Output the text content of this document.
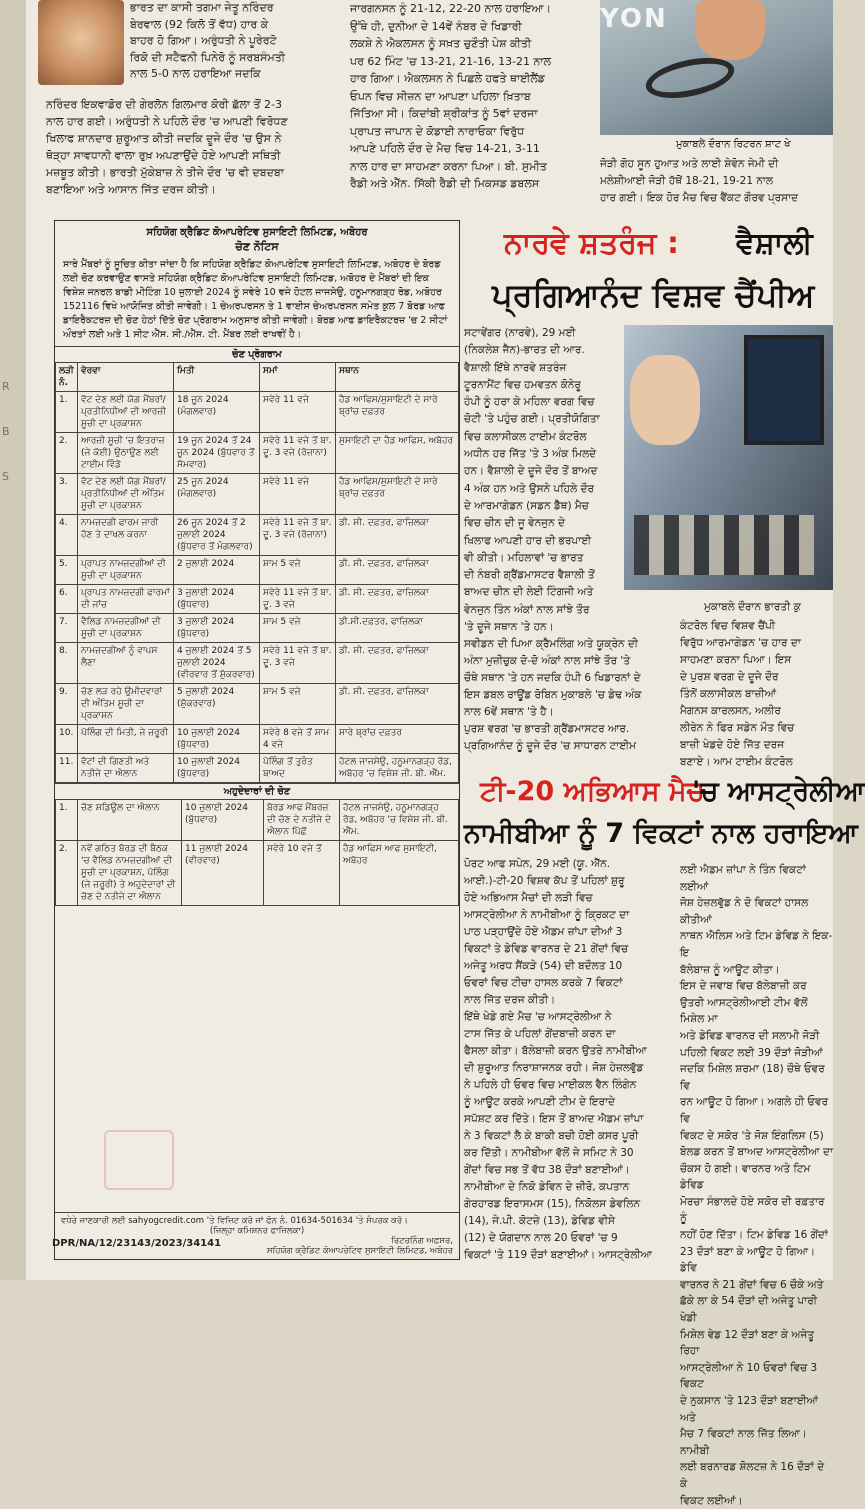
R
B
S
ਭਾਰਤ ਦਾ ਕਾਸੀ ਤਗਮਾ ਜੇਤੂ ਨਰਿੰਦਰ
ਬੇਰਵਾਲ (92 ਕਿਲੋ ਤੋਂ ਵੱਧ) ਹਾਰ ਕੇ
ਬਾਹਰ ਹੋ ਗਿਆ। ਅਰੁੰਧਤੀ ਨੇ ਪੂਰੇਰਟੋ
ਰਿਕੋ ਦੀ ਸਟੈਫਨੀ ਪਿਨੇਰੋ ਨੂੰ ਸਰਬਸੰਮਤੀ
ਨਾਲ 5-0 ਨਾਲ ਹਰਾਇਆ ਜਦਕਿ
ਨਰਿੰਦਰ ਇਕਵਾਡੋਰ ਦੀ ਗੇਰਲੋਨ ਗਿਲਮਾਰ ਕੋਰੀ ਛੱਲਾ ਤੋਂ 2-3
ਨਾਲ ਹਾਰ ਗਈ। ਅਰੁੰਧਤੀ ਨੇ ਪਹਿਲੇ ਦੌਰ 'ਚ ਆਪਣੀ ਵਿਰੋਧਣ
ਖਿਲਾਫ ਸ਼ਾਨਦਾਰ ਸ਼ੁਰੂਆਤ ਕੀਤੀ ਜਦਕਿ ਦੂਜੇ ਦੌਰ 'ਚ ਉਸ ਨੇ
ਥੋੜ੍ਹਾ ਸਾਵਧਾਨੀ ਵਾਲਾ ਰੁਖ਼ ਅਪਣਾਉਂਦੇ ਹੋਏ ਆਪਣੀ ਸਥਿਤੀ
ਮਜ਼ਬੂਤ ਕੀਤੀ। ਭਾਰਤੀ ਮੁੱਕੇਬਾਜ਼ ਨੇ ਤੀਜੇ ਦੌਰ 'ਚ ਵੀ ਦਬਦਬਾ
ਬਣਾਇਆ ਅਤੇ ਆਸਾਨ ਜਿੱਤ ਦਰਜ ਕੀਤੀ।
ਜਾਰਗਨਸਨ ਨੂੰ 21-12, 22-20 ਨਾਲ ਹਰਾਇਆ।
ਉੱਥੇ ਹੀ, ਦੁਨੀਆ ਦੇ 14ਵੇਂ ਨੰਬਰ ਦੇ ਖਿਡਾਰੀ
ਲਕਸ਼ੇ ਨੇ ਐਕਲਸਨ ਨੂੰ ਸਖ਼ਤ ਚੁਣੌਤੀ ਪੇਸ਼ ਕੀਤੀ
ਪਰ 62 ਮਿੰਟ 'ਚ 13-21, 21-16, 13-21 ਨਾਲ
ਹਾਰ ਗਿਆ। ਐਕਲਸਨ ਨੇ ਪਿਛਲੇ ਹਫਤੇ ਥਾਈਲੈਂਡ
ਓਪਨ ਵਿਚ ਸੀਜ਼ਨ ਦਾ ਆਪਣਾ ਪਹਿਲਾ ਖ਼ਿਤਾਬ
ਜਿੱਤਿਆ ਸੀ। ਕਿਦਾਂਬੀ ਸ਼੍ਰੀਕਾਂਤ ਨੂੰ 5ਵਾਂ ਦਰਜਾ
ਪ੍ਰਾਪਤ ਜਾਪਾਨ ਦੇ ਕੋਡਾਈ ਨਾਰਾਓਕਾ ਵਿਰੁੱਧ
ਆਪਣੇ ਪਹਿਲੇ ਦੌਰ ਦੇ ਮੈਚ ਵਿਚ 14-21, 3-11
ਨਾਲ ਹਾਰ ਦਾ ਸਾਹਮਣਾ ਕਰਨਾ ਪਿਆ। ਬੀ. ਸੁਮੀਤ
ਰੈਡੀ ਅਤੇ ਐੱਨ. ਸਿੱਕੀ ਰੈਡੀ ਦੀ ਮਿਕਸਡ ਡਬਲਸ
YON
ਮੁਕਾਬਲੇ ਦੌਰਾਨ ਰਿਟਰਨ ਸ਼ਾਟ ਖੇ
ਜੋੜੀ ਗੋਹ ਸੂਨ ਹੁਆਤ ਅਤੇ ਲਾਈ ਸ਼ੇਵੋਨ ਜੇਮੀ ਦੀ
ਮਲੇਸ਼ੀਆਈ ਜੋੜੀ ਹੱਥੋਂ 18-21, 19-21 ਨਾਲ
ਹਾਰ ਗਈ। ਇਕ ਹੋਰ ਮੈਚ ਵਿਚ ਵੈਂਕਟ ਗੌਰਵ ਪ੍ਰਸਾਦ
ਸਹਿਯੋਗ ਕ੍ਰੈਡਿਟ ਕੋਆਪਰੇਟਿਵ ਸੁਸਾਇਟੀ ਲਿਮਿਟਡ, ਅਬੋਹਰ
ਚੋਣ ਨੋਟਿਸ
ਸਾਰੇ ਮੈਂਬਰਾਂ ਨੂੰ ਸੂਚਿਤ ਕੀਤਾ ਜਾਂਦਾ ਹੈ ਕਿ ਸਹਿਯੋਗ ਕ੍ਰੈਡਿਟ ਕੋਆਪਰੇਟਿਵ ਸੁਸਾਇਟੀ ਲਿਮਿਟਡ, ਅਬੋਹਰ ਦੇ ਬੋਰਡ ਲਈ ਚੋਣ ਕਰਵਾਉਣ ਵਾਸਤੇ ਸਹਿਯੋਗ ਕ੍ਰੈਡਿਟ ਕੋਆਪਰੇਟਿਵ ਸੁਸਾਇਟੀ ਲਿਮਿਟਡ, ਅਬੋਹਰ ਦੇ ਮੈਂਬਰਾਂ ਦੀ ਇਕ ਵਿਸ਼ੇਸ਼ ਜਨਰਲ ਬਾਡੀ ਮੀਟਿੰਗ 10 ਜੁਲਾਈ 2024 ਨੂੰ ਸਵੇਰੇ 10 ਵਜੇ ਹੋਟਲ ਜਾਜਸੇਉ, ਹਨੂਮਾਨਗੜ੍ਹ ਰੋਡ, ਅਬੋਹਰ 152116 ਵਿਖੇ ਆਯੋਜਿਤ ਕੀਤੀ ਜਾਵੇਗੀ। 1 ਚੇਅਰਪਰਸਨ ਤੇ 1 ਵਾਈਸ ਚੇਅਰਪਰਸਨ ਸਮੇਤ ਕੁਲ 7 ਬੋਰਡ ਆਫ ਡਾਇਰੈਕਟਰਜ਼ ਦੀ ਚੋਣ ਹੇਠਾਂ ਦਿੱਤੇ ਚੋਣ ਪ੍ਰੋਗਰਾਮ ਅਨੁਸਾਰ ਕੀਤੀ ਜਾਵੇਗੀ। ਬੋਰਡ ਆਫ ਡਾਇਰੈਕਟਰਜ਼ 'ਚ 2 ਸੀਟਾਂ ਔਰਤਾਂ ਲਈ ਅਤੇ 1 ਸੀਟ ਐੱਸ. ਸੀ./ਐੱਸ. ਟੀ. ਮੈਂਬਰ ਲਈ ਰਾਖਵੀਂ ਹੈ।
ਚੋਣ ਪ੍ਰੋਗਰਾਮ
ਲੜੀ ਨੰ.	ਵੇਰਵਾ	ਮਿਤੀ	ਸਮਾਂ	ਸਥਾਨ
1.	ਵੋਟ ਦੇਣ ਲਈ ਯੋਗ ਮੈਂਬਰਾਂ/ ਪ੍ਰਤੀਨਿਧੀਆਂ ਦੀ ਆਰਜ਼ੀ ਸੂਚੀ ਦਾ ਪ੍ਰਕਾਸ਼ਨ	18 ਜੂਨ 2024 (ਮੰਗਲਵਾਰ)	ਸਵੇਰੇ 11 ਵਜੇ	ਹੈਡ ਆਫਿਸ/ਸੁਸਾਇਟੀ ਦੇ ਸਾਰੇ ਬ੍ਰਾਂਚ ਦਫ਼ਤਰ
2.	ਆਰਜ਼ੀ ਸੂਚੀ 'ਚ ਇਤਰਾਜ਼ (ਜੇ ਕੋਈ) ਉਠਾਉਣ ਲਈ ਟਾਈਮ ਵਿੰਡੋ	19 ਜੂਨ 2024 ਤੋਂ 24 ਜੂਨ 2024 (ਬੁੱਧਵਾਰ ਤੋਂ ਸੋਮਵਾਰ)	ਸਵੇਰੇ 11 ਵਜੇ ਤੋਂ ਬਾ. ਦੂ. 3 ਵਜੇ (ਰੋਜ਼ਾਨਾ)	ਸੁਸਾਇਟੀ ਦਾ ਹੈਡ ਆਫਿਸ, ਅਬੋਹਰ
3.	ਵੋਟ ਦੇਣ ਲਈ ਯੋਗ ਮੈਂਬਰਾਂ/ ਪ੍ਰਤੀਨਿਧੀਆਂ ਦੀ ਅੰਤਿਮ ਸੂਚੀ ਦਾ ਪ੍ਰਕਾਸ਼ਨ	25 ਜੂਨ 2024 (ਮੰਗਲਵਾਰ)	ਸਵੇਰੇ 11 ਵਜੇ	ਹੈਡ ਆਫਿਸ/ਸੁਸਾਇਟੀ ਦੇ ਸਾਰੇ ਬ੍ਰਾਂਚ ਦਫ਼ਤਰ
4.	ਨਾਮਜ਼ਦਗੀ ਫਾਰਮ ਜਾਰੀ ਹੋਣ ਤੇ ਦਾਖਲ ਕਰਨਾ	26 ਜੂਨ 2024 ਤੋਂ 2 ਜੁਲਾਈ 2024 (ਬੁੱਧਵਾਰ ਤੋਂ ਮੰਗਲਵਾਰ)	ਸਵੇਰੇ 11 ਵਜੇ ਤੋਂ ਬਾ. ਦੂ. 3 ਵਜੇ (ਰੋਜ਼ਾਨਾ)	ਡੀ. ਸੀ. ਦਫ਼ਤਰ, ਫਾਜ਼ਿਲਕਾ
5.	ਪ੍ਰਾਪਤ ਨਾਮਜ਼ਦਗੀਆਂ ਦੀ ਸੂਚੀ ਦਾ ਪ੍ਰਕਾਸ਼ਨ	2 ਜੁਲਾਈ 2024	ਸ਼ਾਮ 5 ਵਜੇ	ਡੀ. ਸੀ. ਦਫ਼ਤਰ, ਫਾਜ਼ਿਲਕਾ
6.	ਪ੍ਰਾਪਤ ਨਾਮਜ਼ਦਗੀ ਫਾਰਮਾਂ ਦੀ ਜਾਂਚ	3 ਜੁਲਾਈ 2024 (ਬੁੱਧਵਾਰ)	ਸਵੇਰੇ 11 ਵਜੇ ਤੋਂ ਬਾ. ਦੂ. 3 ਵਜੇ	ਡੀ. ਸੀ. ਦਫ਼ਤਰ, ਫਾਜ਼ਿਲਕਾ
7.	ਵੈਲਿਡ ਨਾਮਜ਼ਦਗੀਆਂ ਦੀ ਸੂਚੀ ਦਾ ਪ੍ਰਕਾਸ਼ਨ	3 ਜੁਲਾਈ 2024 (ਬੁੱਧਵਾਰ)	ਸ਼ਾਮ 5 ਵਜੇ	ਡੀ.ਸੀ.ਦਫ਼ਤਰ, ਫਾਜ਼ਿਲਕਾ
8.	ਨਾਮਜ਼ਦਗੀਆਂ ਨੂੰ ਵਾਪਸ ਲੈਣਾ	4 ਜੁਲਾਈ 2024 ਤੋਂ 5 ਜੁਲਾਈ 2024 (ਵੀਰਵਾਰ ਤੋਂ ਸ਼ੁੱਕਰਵਾਰ)	ਸਵੇਰੇ 11 ਵਜੇ ਤੋਂ ਬਾ. ਦੂ. 3 ਵਜੇ	ਡੀ. ਸੀ. ਦਫ਼ਤਰ, ਫਾਜ਼ਿਲਕਾ
9.	ਚੋਣ ਲੜ ਰਹੇ ਉਮੀਦਵਾਰਾਂ ਦੀ ਅੰਤਿਮ ਸੂਚੀ ਦਾ ਪ੍ਰਕਾਸ਼ਨ	5 ਜੁਲਾਈ 2024 (ਸ਼ੁੱਕਰਵਾਰ)	ਸ਼ਾਮ 5 ਵਜੇ	ਡੀ. ਸੀ. ਦਫ਼ਤਰ, ਫਾਜ਼ਿਲਕਾ
10.	ਪੋਲਿੰਗ ਦੀ ਮਿਤੀ, ਜੇ ਜ਼ਰੂਰੀ	10 ਜੁਲਾਈ 2024 (ਬੁੱਧਵਾਰ)	ਸਵੇਰੇ 8 ਵਜੇ ਤੋਂ ਸ਼ਾਮ 4 ਵਜੇ	ਸਾਰੇ ਬ੍ਰਾਂਚ ਦਫ਼ਤਰ
11.	ਵੋਟਾਂ ਦੀ ਗਿਣਤੀ ਅਤੇ ਨਤੀਜੇ ਦਾ ਐਲਾਨ	10 ਜੁਲਾਈ 2024 (ਬੁੱਧਵਾਰ)	ਪੋਲਿੰਗ ਤੋਂ ਤੁਰੰਤ ਬਾਅਦ	ਹੋਟਲ ਜਾਜਸੇਉ, ਹਨੂਮਾਨਗੜ੍ਹ ਰੋਡ, ਅਬੋਹਰ 'ਚ ਵਿਸ਼ੇਸ਼ ਜੀ. ਬੀ. ਐੱਮ.
ਅਹੁਦੇਦਾਰਾਂ ਦੀ ਚੋਣ
1.	ਚੋਣ ਸ਼ਡਿਊਲ ਦਾ ਐਲਾਨ	10 ਜੁਲਾਈ 2024 (ਬੁੱਧਵਾਰ)	ਬੋਰਡ ਆਫ ਮੈਂਬਰਜ਼ ਦੀ ਚੋਣ ਦੇ ਨਤੀਜੇ ਦੇ ਐਲਾਨ ਪਿੱਛੋਂ	ਹੋਟਲ ਜਾਜਸੇਉ, ਹਨੂਮਾਨਗੜ੍ਹ ਰੋਡ, ਅਬੋਹਰ 'ਚ ਵਿਸ਼ੇਸ਼ ਜੀ. ਬੀ. ਐੱਮ.
2.	ਨਵੇਂ ਗਠਿਤ ਬੋਰਡ ਦੀ ਬੈਠਕ 'ਚ ਵੈਲਿਡ ਨਾਮਜ਼ਦਗੀਆਂ ਦੀ ਸੂਚੀ ਦਾ ਪ੍ਰਕਾਸ਼ਨ, ਪੋਲਿੰਗ (ਜੇ ਜ਼ਰੂਰੀ) ਤੇ ਅਹੁਦੇਦਾਰਾਂ ਦੀ ਚੋਣ ਦੇ ਨਤੀਜੇ ਦਾ ਐਲਾਨ	11 ਜੁਲਾਈ 2024 (ਵੀਰਵਾਰ)	ਸਵੇਰੇ 10 ਵਜੇ ਤੋਂ	ਹੈਡ ਆਫਿਸ ਆਫ ਸੁਸਾਇਟੀ, ਅਬੋਹਰ
ਵਧੇਰੇ ਜਾਣਕਾਰੀ ਲਈ sahyogcredit.com 'ਤੇ ਵਿਜ਼ਿਟ ਕਰੋ ਜਾਂ ਫੋਨ ਨੰ. 01634-501634 'ਤੇ ਸੰਪਰਕ ਕਰੋ।
(ਜ਼ਿਲ੍ਹਾ ਕਮਿਸ਼ਨਰ ਫਾਜ਼ਿਲਕਾ)
ਰਿਟਰਨਿੰਗ ਅਫ਼ਸਰ,
ਸਹਿਯੋਗ ਕ੍ਰੈਡਿਟ ਕੋਆਪਰੇਟਿਵ ਸੁਸਾਇਟੀ ਲਿਮਿਟਡ, ਅਬੋਹਰ
DPR/NA/12/23143/2023/34141
ਨਾਰਵੇ ਸ਼ਤਰੰਜ : ਵੈਸ਼ਾਲੀ
ਪ੍ਰਗਿਆਨੰਦ ਵਿਸ਼ਵ ਚੈਂਪੀਅ
ਸਟਾਵੇਂਗਰ (ਨਾਰਵੇ), 29 ਮਈ
(ਨਿਕਲੇਸ਼ ਜੈਨ)-ਭਾਰਤ ਦੀ ਆਰ.
ਵੈਸ਼ਾਲੀ ਇੱਥੇ ਨਾਰਵੇ ਸ਼ਤਰੰਜ
ਟੂਰਨਾਮੈਂਟ ਵਿਚ ਹਮਵਤਨ ਕੋਨੇਰੂ
ਹੰਪੀ ਨੂੰ ਹਰਾ ਕੇ ਮਹਿਲਾ ਵਰਗ ਵਿਚ
ਚੋਟੀ 'ਤੇ ਪਹੁੰਚ ਗਈ। ਪ੍ਰਤੀਯੋਗਿਤਾ
ਵਿਚ ਕਲਾਸੀਕਲ ਟਾਈਮ ਕੰਟਰੋਲ
ਅਧੀਨ ਹਰ ਜਿੱਤ 'ਤੇ 3 ਅੰਕ ਮਿਲਦੇ
ਹਨ। ਵੈਸ਼ਾਲੀ ਦੇ ਦੂਜੇ ਦੌਰ ਤੋਂ ਬਾਅਦ
4 ਅੰਕ ਹਨ ਅਤੇ ਉਸਨੇ ਪਹਿਲੇ ਦੌਰ
ਦੇ ਆਰਮਾਗੇਡਨ (ਸਡਨ ਡੈੱਥ) ਮੈਚ
ਵਿਚ ਚੀਨ ਦੀ ਜੂ ਵੇਨਜੁਨ ਦੇ
ਖਿਲਾਫ ਆਪਣੀ ਹਾਰ ਦੀ ਭਰਪਾਈ
ਵੀ ਕੀਤੀ। ਮਹਿਲਾਵਾਂ 'ਚ ਭਾਰਤ
ਦੀ ਨੰਬਰੀ ਗ੍ਰੈਂਡਮਾਸਟਰ ਵੈਸ਼ਾਲੀ ਤੋਂ
ਬਾਅਦ ਚੀਨ ਦੀ ਲੇਈ ਟਿੰਗਜੀ ਅਤੇ
ਵੇਨਜੁਨ ਤਿੰਨ ਅੰਕਾਂ ਨਾਲ ਸਾਂਝੇ ਤੌਰ
'ਤੇ ਦੂਜੇ ਸਥਾਨ 'ਤੇ ਹਨ।
ਸਵੀਡਨ ਦੀ ਪਿਆ ਕ੍ਰੈਮਲਿੰਗ ਅਤੇ ਯੂਕ੍ਰੇਨ ਦੀ
ਅੰਨਾ ਮੁਜ਼ੀਚੁਕ ਦੋ-ਦੋ ਅੰਕਾਂ ਨਾਲ ਸਾਂਝੇ ਤੌਰ 'ਤੇ
ਚੌਥੇ ਸਥਾਨ 'ਤੇ ਹਨ ਜਦਕਿ ਹੰਪੀ 6 ਖਿਡਾਰਨਾਂ ਦੇ
ਇਸ ਡਬਲ ਰਾਊਂਡ ਰੋਬਿਨ ਮੁਕਾਬਲੇ 'ਚ ਡੇਢ ਅੰਕ
ਨਾਲ 6ਵੇਂ ਸਥਾਨ 'ਤੇ ਹੈ।
ਪੁਰਸ਼ ਵਰਗ 'ਚ ਭਾਰਤੀ ਗ੍ਰੈਂਡਮਾਸਟਰ ਆਰ.
ਪ੍ਰਗਿਆਨੰਦ ਨੂੰ ਦੂਜੇ ਦੌਰ 'ਚ ਸਾਧਾਰਨ ਟਾਈਮ
ਮੁਕਾਬਲੇ ਦੌਰਾਨ ਭਾਰਤੀ ਕੁ
ਕੰਟਰੋਲ ਵਿਚ ਵਿਸ਼ਵ ਚੈਂਪੀ
ਵਿਰੁੱਧ ਆਰਮਾਗੇਡਨ 'ਚ ਹਾਰ ਦਾ
ਸਾਹਮਣਾ ਕਰਨਾ ਪਿਆ। ਇਸ
ਦੇ ਪੁਰਸ਼ ਵਰਗ ਦੇ ਦੂਜੇ ਦੌਰ
ਤਿੰਨੋਂ ਕਲਾਸੀਕਲ ਬਾਜ਼ੀਆਂ
ਮੈਗਨਸ ਕਾਰਲਸਨ, ਅਲੀਰ
ਲੀਰੇਨ ਨੇ ਫਿਰ ਸਡੇਨ ਮੌਤ ਵਿਚ
ਬਾਜ਼ੀ ਖੇਡਦੇ ਹੋਏ ਜਿੱਤ ਦਰਜ
ਬਣਾਏ। ਆਮ ਟਾਈਮ ਕੰਟਰੋਲ
ਟੀ-20 ਅਭਿਆਸ ਮੈਚ
'ਚ ਆਸਟ੍ਰੇਲੀਆ
ਨਾਮੀਬੀਆ ਨੂੰ 7 ਵਿਕਟਾਂ ਨਾਲ ਹਰਾਇਆ
ਪੋਰਟ ਆਫ ਸਪੇਨ, 29 ਮਈ (ਯੂ. ਐੱਨ.
ਆਈ.)-ਟੀ-20 ਵਿਸ਼ਵ ਕੱਪ ਤੋਂ ਪਹਿਲਾਂ ਸ਼ੁਰੂ
ਹੋਏ ਅਭਿਆਸ ਮੈਚਾਂ ਦੀ ਲੜੀ ਵਿਚ
ਆਸਟ੍ਰੇਲੀਆ ਨੇ ਨਾਮੀਬੀਆ ਨੂੰ ਕ੍ਰਿਕਟ ਦਾ
ਪਾਠ ਪੜ੍ਹਾਉਂਦੇ ਹੋਏ ਐਡਮ ਜ਼ਾਂਪਾ ਦੀਆਂ 3
ਵਿਕਟਾਂ ਤੇ ਡੇਵਿਡ ਵਾਰਨਰ ਦੇ 21 ਗੇਂਦਾਂ ਵਿਚ
ਅਜੇਤੂ ਅਰਧ ਸੈਂਕੜੇ (54) ਦੀ ਬਦੌਲਤ 10
ਓਵਰਾਂ ਵਿਚ ਟੀਚਾ ਹਾਸਲ ਕਰਕੇ 7 ਵਿਕਟਾਂ
ਨਾਲ ਜਿੱਤ ਦਰਜ ਕੀਤੀ।
ਇੱਥੇ ਖੇਡੇ ਗਏ ਮੈਚ 'ਚ ਆਸਟ੍ਰੇਲੀਆ ਨੇ
ਟਾਸ ਜਿੱਤ ਕੇ ਪਹਿਲਾਂ ਗੇਂਦਬਾਜ਼ੀ ਕਰਨ ਦਾ
ਫੈਸਲਾ ਕੀਤਾ। ਬੱਲੇਬਾਜ਼ੀ ਕਰਨ ਉਤਰੇ ਨਾਮੀਬੀਆ
ਦੀ ਸ਼ੁਰੂਆਤ ਨਿਰਾਸ਼ਾਜਨਕ ਰਹੀ। ਜੋਸ਼ ਹੇਜ਼ਲਵੁੱਡ
ਨੇ ਪਹਿਲੇ ਹੀ ਓਵਰ ਵਿਚ ਮਾਈਕਲ ਵੈਨ ਲਿੰਗੇਨ
ਨੂੰ ਆਊਟ ਕਰਕੇ ਆਪਣੀ ਟੀਮ ਦੇ ਇਰਾਦੇ
ਸਪੱਸ਼ਟ ਕਰ ਦਿੱਤੇ। ਇਸ ਤੋਂ ਬਾਅਦ ਐਡਮ ਜ਼ਾਂਪਾ
ਨੇ 3 ਵਿਕਟਾਂ ਲੈ ਕੇ ਬਾਕੀ ਬਚੀ ਹੋਈ ਕਸਰ ਪੂਰੀ
ਕਰ ਦਿੱਤੀ। ਨਾਮੀਬੀਆ ਵੱਲੋਂ ਜੇ ਸਮਿਟ ਨੇ 30
ਗੇਂਦਾਂ ਵਿਚ ਸਭ ਤੋਂ ਵੱਧ 38 ਦੌੜਾਂ ਬਣਾਈਆਂ।
ਨਾਮੀਬੀਆ ਦੇ ਨਿਕੋ ਡੇਵਿਨ ਦੇ ਜ਼ੀਰੋ, ਕਪਤਾਨ
ਗੇਰਹਾਰਡ ਇਰਾਸਮਸ (15), ਨਿਕੋਲਸ ਡੇਵਲਿਨ
(14), ਜੇ.ਪੀ. ਕੋਟਜ਼ੇ (13), ਡੇਵਿਡ ਵੀਸੇ
(12) ਦੇ ਯੋਗਦਾਨ ਨਾਲ 20 ਓਵਰਾਂ 'ਚ 9
ਵਿਕਟਾਂ 'ਤੇ 119 ਦੌੜਾਂ ਬਣਾਈਆਂ। ਆਸਟ੍ਰੇਲੀਆ
ਲਈ ਐਡਮ ਜ਼ਾਂਪਾ ਨੇ ਤਿੰਨ ਵਿਕਟਾਂ ਲਈਆਂ
ਜੋਸ਼ ਹੇਜ਼ਲਵੁੱਡ ਨੇ ਦੋ ਵਿਕਟਾਂ ਹਾਸਲ ਕੀਤੀਆਂ
ਨਾਥਨ ਐਲਿਸ ਅਤੇ ਟਿਮ ਡੇਵਿਡ ਨੇ ਇਕ-ਇ
ਬੱਲੇਬਾਜ਼ ਨੂੰ ਆਊਟ ਕੀਤਾ।
ਇਸ ਦੇ ਜਵਾਬ ਵਿਚ ਬੱਲੇਬਾਜ਼ੀ ਕਰ
ਉਤਰੀ ਆਸਟ੍ਰੇਲੀਆਈ ਟੀਮ ਵੱਲੋਂ ਮਿਸ਼ੇਲ ਮਾ
ਅਤੇ ਡੇਵਿਡ ਵਾਰਨਰ ਦੀ ਸਲਾਮੀ ਜੋੜੀ
ਪਹਿਲੀ ਵਿਕਟ ਲਈ 39 ਦੌੜਾਂ ਜੋੜੀਆਂ
ਜਦਕਿ ਮਿਸ਼ੇਲ ਸ਼ਰਮਾ (18) ਚੌਥੇ ਓਵਰ ਵਿ
ਰਨ ਆਊਟ ਹੋ ਗਿਆ। ਅਗਲੇ ਹੀ ਓਵਰ ਵਿ
ਵਿਕਟ ਦੇ ਸਕੋਰ 'ਤੇ ਜੋਸ਼ ਇੰਗਲਿਸ (5)
ਬੋਲਡ ਕਰਨ ਤੋਂ ਬਾਅਦ ਆਸਟ੍ਰੇਲੀਆ ਦਾ
ਚੌਕਸ ਹੋ ਗਈ। ਵਾਰਨਰ ਅਤੇ ਟਿਮ ਡੇਵਿਡ
ਮੋਰਚਾ ਸੰਭਾਲਦੇ ਹੋਏ ਸਕੋਰ ਦੀ ਰਫ਼ਤਾਰ ਨੂੰ
ਨਹੀਂ ਹੋਣ ਦਿੱਤਾ। ਟਿਮ ਡੇਵਿਡ 16 ਗੇਂਦਾਂ
23 ਦੌੜਾਂ ਬਣਾ ਕੇ ਆਊਟ ਹੋ ਗਿਆ। ਡੇਵਿ
ਵਾਰਨਰ ਨੇ 21 ਗੇਂਦਾਂ ਵਿਚ 6 ਚੌਕੇ ਅਤੇ
ਛੱਕੇ ਲਾ ਕੇ 54 ਦੌੜਾਂ ਦੀ ਅਜੇਤੂ ਪਾਰੀ ਖੇਡੀ
ਮਿਸ਼ੇਲ ਵੇਡ 12 ਦੌੜਾਂ ਬਣਾ ਕੇ ਅਜੇਤੂ ਰਿਹਾ
ਆਸਟ੍ਰੇਲੀਆ ਨੇ 10 ਓਵਰਾਂ ਵਿਚ 3 ਵਿਕਟ
ਦੇ ਨੁਕਸਾਨ 'ਤੇ 123 ਦੌੜਾਂ ਬਣਾਈਆਂ ਅਤੇ
ਮੈਚ 7 ਵਿਕਟਾਂ ਨਾਲ ਜਿੱਤ ਲਿਆ। ਨਾਮੀਬੀ
ਲਈ ਬਰਨਾਰਡ ਸ਼ੋਲਟਜ਼ ਨੇ 16 ਦੌੜਾਂ ਦੇ ਕੇ
ਵਿਕਟ ਲਈਆਂ।
